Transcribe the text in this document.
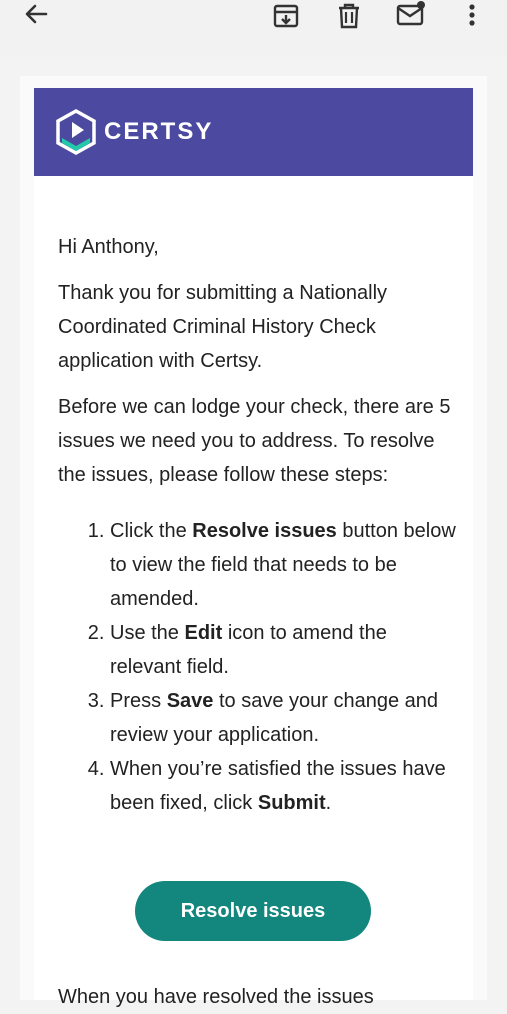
CERTSY

Hi Anthony,

Thank you for submitting a Nationally Coordinated Criminal History Check application with Certsy.

Before we can lodge your check, there are 5 issues we need you to address. To resolve the issues, please follow these steps:

1. Click the Resolve issues button below to view the field that needs to be amended.
2. Use the Edit icon to amend the relevant field.
3. Press Save to save your change and review your application.
4. When you’re satisfied the issues have been fixed, click Submit.
Resolve issues
When you have resolved the issues
